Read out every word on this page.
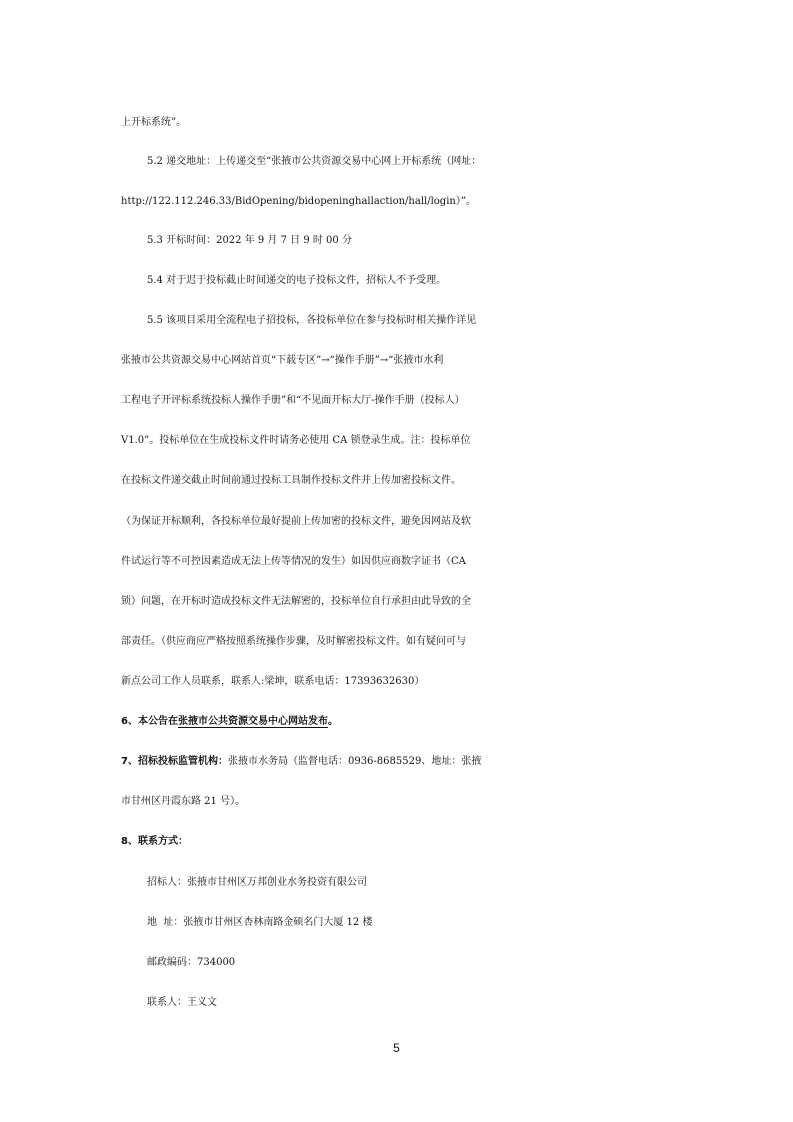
上开标系统”。
5.2 递交地址：上传递交至“张掖市公共资源交易中心网上开标系统（网址：
http://122.112.246.33/BidOpening/bidopeninghallaction/hall/login）”。
5.3 开标时间：2022 年 9 月 7 日 9 时 00 分
5.4 对于迟于投标截止时间递交的电子投标文件，招标人不予受理。
5.5 该项目采用全流程电子招投标，各投标单位在参与投标时相关操作详见
张掖市公共资源交易中心网站首页“下载专区”→“操作手册”→“张掖市水利
工程电子开评标系统投标人操作手册”和“不见面开标大厅-操作手册（投标人）
V1.0”。投标单位在生成投标文件时请务必使用 CA 锁登录生成。注：投标单位
在投标文件递交截止时间前通过投标工具制作投标文件并上传加密投标文件。
（为保证开标顺利，各投标单位最好提前上传加密的投标文件，避免因网站及软
件试运行等不可控因素造成无法上传等情况的发生）如因供应商数字证书（CA
锁）问题，在开标时造成投标文件无法解密的，投标单位自行承担由此导致的全
部责任。（供应商应严格按照系统操作步骤，及时解密投标文件。如有疑问可与
新点公司工作人员联系，联系人:梁坤，联系电话：17393632630）
6、本公告在张掖市公共资源交易中心网站发布。
7、招标投标监管机构：张掖市水务局（监督电话：0936-8685529、地址：张掖
市甘州区丹霞东路 21 号）。
8、联系方式：
招标人：张掖市甘州区万邦创业水务投资有限公司
地  址：张掖市甘州区杏林南路金硕名门大厦 12 楼
邮政编码：734000
联系人：王义文
5
